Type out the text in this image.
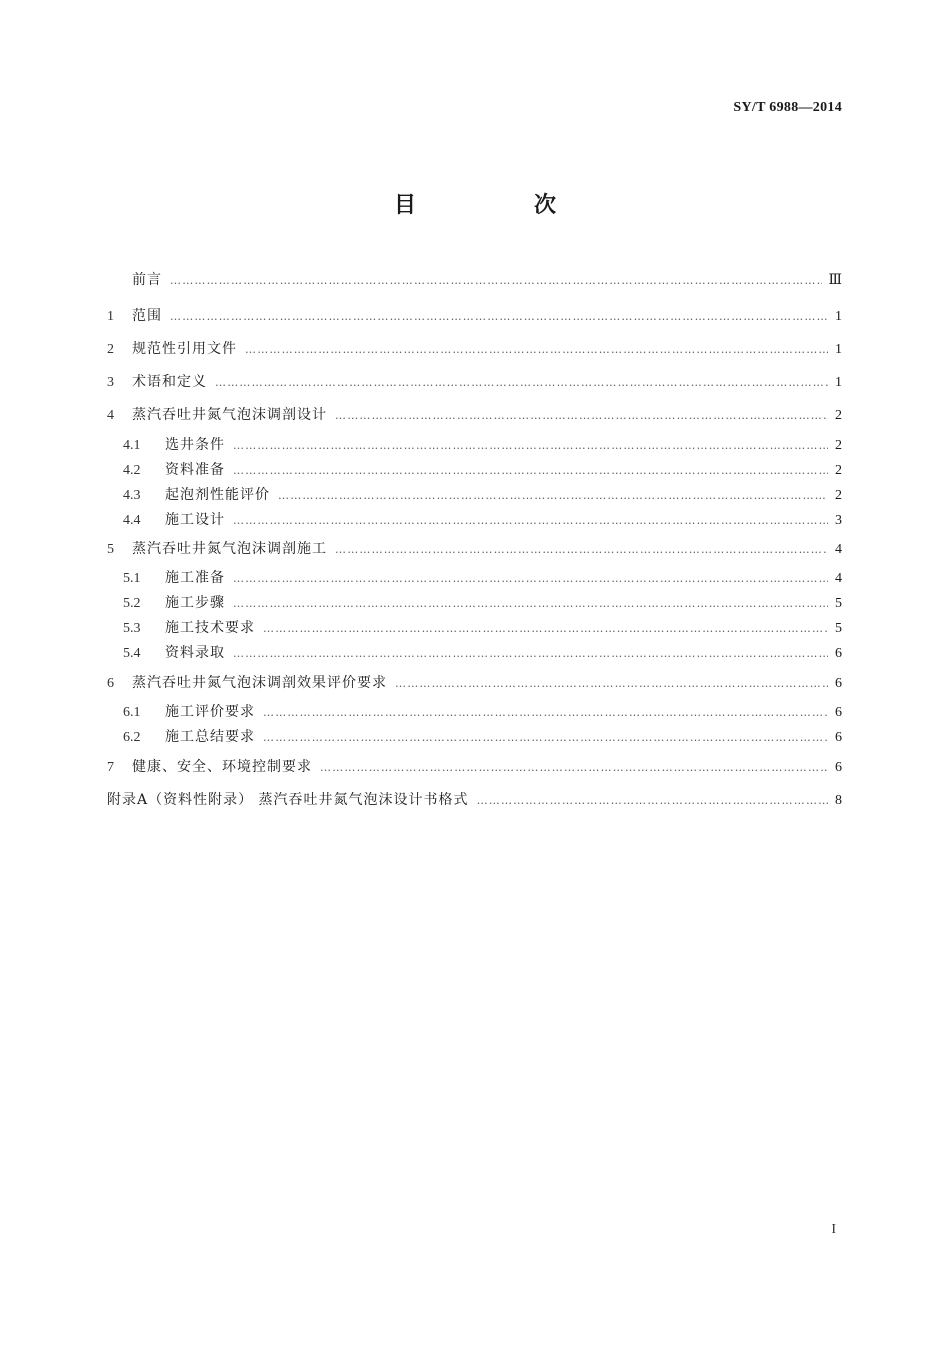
SY/T 6988—2014
目　次
前言 …………………………………………………………………………………………………………………………………………………………………………………………………………………	Ⅲ
1	范围 …………………………………………………………………………………………………………………………………………………………………………………………………………………	1
2	规范性引用文件 …………………………………………………………………………………………………………………………………………………………………………………………………………………	1
3	术语和定义 …………………………………………………………………………………………………………………………………………………………………………………………………………………	1
4	蒸汽吞吐井氮气泡沫调剖设计 …………………………………………………………………………………………………………………………………………………………………………………………………………………	2
4.1	选井条件 …………………………………………………………………………………………………………………………………………………………………………………………………………………	2
4.2	资料准备 …………………………………………………………………………………………………………………………………………………………………………………………………………………	2
4.3	起泡剂性能评价 …………………………………………………………………………………………………………………………………………………………………………………………………………………	2
4.4	施工设计 …………………………………………………………………………………………………………………………………………………………………………………………………………………	3
5	蒸汽吞吐井氮气泡沫调剖施工 …………………………………………………………………………………………………………………………………………………………………………………………………………………	4
5.1	施工准备 …………………………………………………………………………………………………………………………………………………………………………………………………………………	4
5.2	施工步骤 …………………………………………………………………………………………………………………………………………………………………………………………………………………	5
5.3	施工技术要求 …………………………………………………………………………………………………………………………………………………………………………………………………………………	5
5.4	资料录取 …………………………………………………………………………………………………………………………………………………………………………………………………………………	6
6	蒸汽吞吐井氮气泡沫调剖效果评价要求 …………………………………………………………………………………………………………………………………………………………………………………………………………………	6
6.1	施工评价要求 …………………………………………………………………………………………………………………………………………………………………………………………………………………	6
6.2	施工总结要求 …………………………………………………………………………………………………………………………………………………………………………………………………………………	6
7	健康、安全、环境控制要求 …………………………………………………………………………………………………………………………………………………………………………………………………………………	6
附录A（资料性附录） 蒸汽吞吐井氮气泡沫设计书格式 …………………………………………………………………………………………………………………………………………………………………………………………………………………	8
I
